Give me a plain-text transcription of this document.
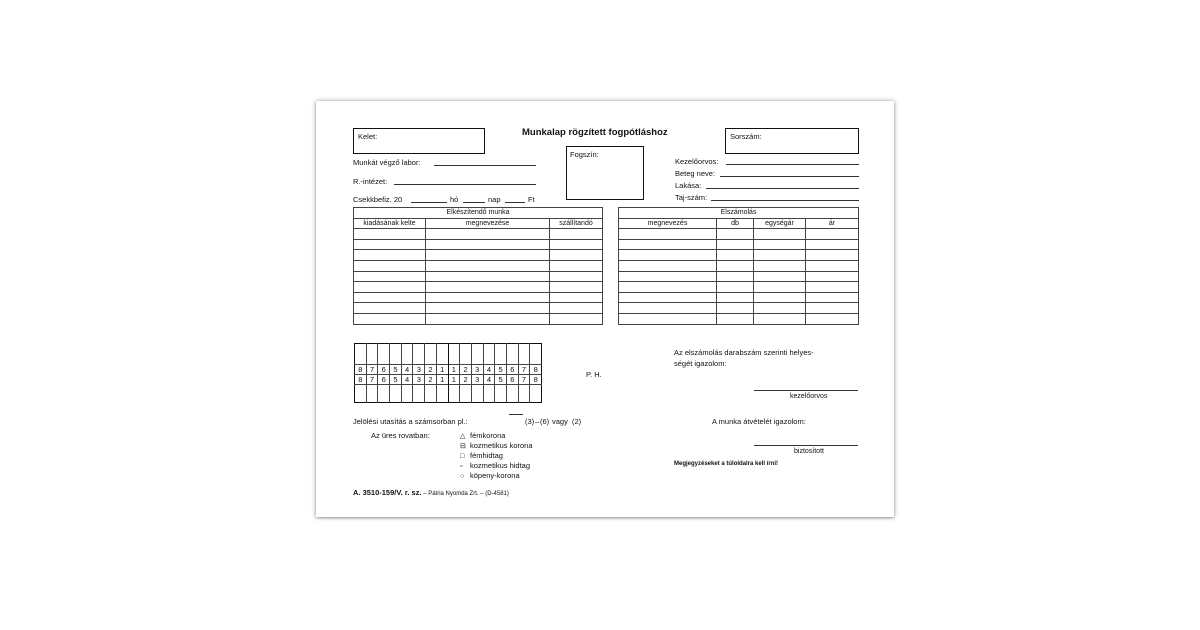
Kelet:	Munkalap rögzített fogpótláshoz	Sorszám:
Munkát végző labor:
R.-intézet:
Csekkbefiz. 20	hó	nap	Ft
Fogszín:
Kezelőorvos:
Beteg neve:
Lakása:
Taj-szám:
Elkészítendő munka		
kiadásának kelte	megnevezése	szállítandó

Elszámolás			
megnevezés	db	egységár	ár

8	7	6	5	4	3	2	1	1	2	3	4	5	6	7	8
8	7	6	5	4	3	2	1	1	2	3	4	5	6	7	8

P. H.
Az elszámolás darabszám szerinti helyes-
ségét igazolom:
kezelőorvos
A munka átvételét igazolom:
biztosított
Megjegyzéseket a túloldalra kell írni!
Jelölési utasítás a számsorban pl.:	(3) – (6) vagy (2)
Az üres rovatban:	△ fémkorona
⊟ kozmetikus korona
□ fémhidtag
▫ kozmetikus hidtag
○ köpeny-korona
A. 3510-159/V. r. sz. – Pátria Nyomda Zrt. – (D-4581)
